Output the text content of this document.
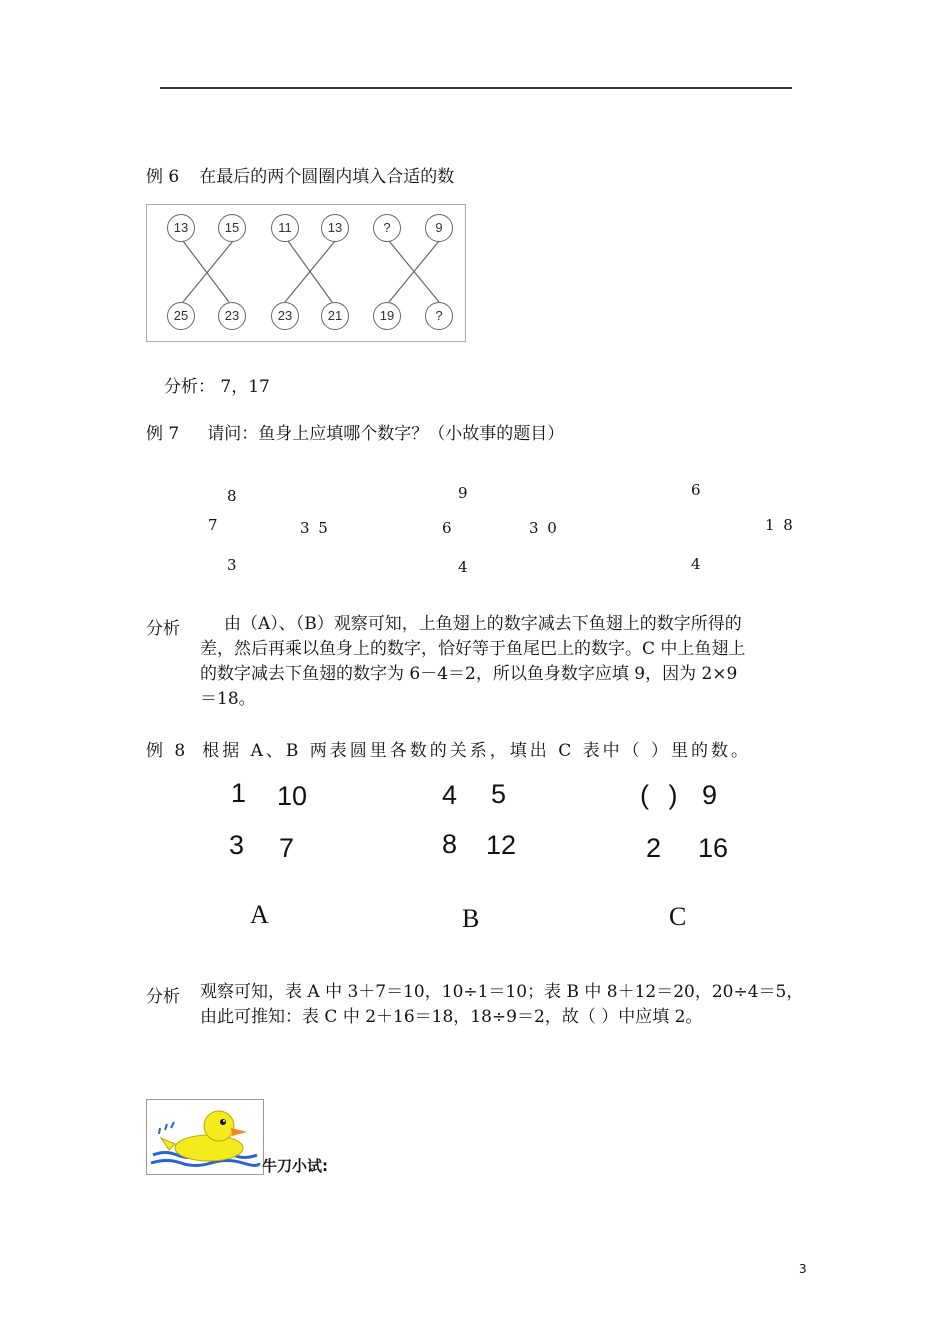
例 6 在最后的两个圆圈内填入合适的数
13	15
25	23
11	13
23	21
?	9
19	?
分析： 7，17
例 7 请问：鱼身上应填哪个数字？（小故事的题目）
8
7	3 5
3
9
6	3 0
4
6
1 8
4
分析	由（A）、（B）观察可知，上鱼翅上的数字减去下鱼翅上的数字所得的
差，然后再乘以鱼身上的数字，恰好等于鱼尾巴上的数字。C 中上鱼翅上
的数字减去下鱼翅的数字为 6－4＝2，所以鱼身数字应填 9，因为 2×9
＝18。
例 8 根据 A、B 两表圆里各数的关系，填出 C 表中（ ）里的数。
1 10
3 7
A
4 5
8 12
B
( ) 9
2 16
C
分析 观察可知，表 A 中 3＋7＝10，10÷1＝10；表 B 中 8＋12＝20，20÷4＝5，
由此可推知：表 C 中 2＋16＝18，18÷9＝2，故（ ）中应填 2。
牛刀小试:
3
